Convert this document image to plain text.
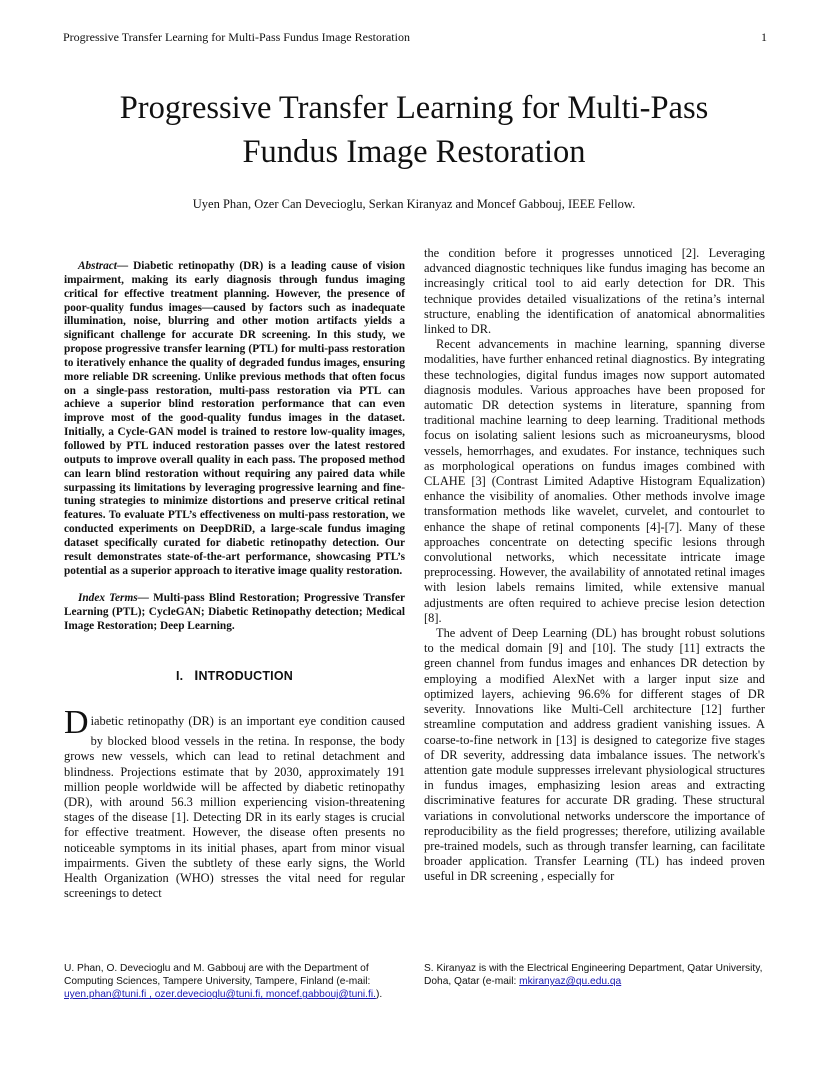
Progressive Transfer Learning for Multi-Pass Fundus Image Restoration	1
Progressive Transfer Learning for Multi-Pass
Fundus Image Restoration
Uyen Phan, Ozer Can Devecioglu, Serkan Kiranyaz and Moncef Gabbouj, IEEE Fellow.

Abstract— Diabetic retinopathy (DR) is a leading cause of vision impairment, making its early diagnosis through fundus imaging critical for effective treatment planning. However, the presence of poor-quality fundus images—caused by factors such as inadequate illumination, noise, blurring and other motion artifacts yields a significant challenge for accurate DR screening. In this study, we propose progressive transfer learning (PTL) for multi-pass restoration to iteratively enhance the quality of degraded fundus images, ensuring more reliable DR screening. Unlike previous methods that often focus on a single-pass restoration, multi-pass restoration via PTL can achieve a superior blind restoration performance that can even improve most of the good-quality fundus images in the dataset. Initially, a Cycle-GAN model is trained to restore low-quality images, followed by PTL induced restoration passes over the latest restored outputs to improve overall quality in each pass. The proposed method can learn blind restoration without requiring any paired data while surpassing its limitations by leveraging progressive learning and fine-tuning strategies to minimize distortions and preserve critical retinal features. To evaluate PTL’s effectiveness on multi-pass restoration, we conducted experiments on DeepDRiD, a large-scale fundus imaging dataset specifically curated for diabetic retinopathy detection. Our result demonstrates state-of-the-art performance, showcasing PTL’s potential as a superior approach to iterative image quality restoration.

Index Terms— Multi-pass Blind Restoration; Progressive Transfer Learning (PTL); CycleGAN; Diabetic Retinopathy detection; Medical Image Restoration; Deep Learning.

I. INTRODUCTION

Diabetic retinopathy (DR) is an important eye condition caused by blocked blood vessels in the retina. In response, the body grows new vessels, which can lead to retinal detachment and blindness. Projections estimate that by 2030, approximately 191 million people worldwide will be affected by diabetic retinopathy (DR), with around 56.3 million experiencing vision-threatening stages of the disease [1]. Detecting DR in its early stages is crucial for effective treatment. However, the disease often presents no noticeable symptoms in its initial phases, apart from minor visual impairments. Given the subtlety of these early signs, the World Health Organization (WHO) stresses the vital need for regular screenings to detect

the condition before it progresses unnoticed [2]. Leveraging advanced diagnostic techniques like fundus imaging has become an increasingly critical tool to aid early detection for DR. This technique provides detailed visualizations of the retina’s internal structure, enabling the identification of anatomical abnormalities linked to DR.

Recent advancements in machine learning, spanning diverse modalities, have further enhanced retinal diagnostics. By integrating these technologies, digital fundus images now support automated diagnosis modules. Various approaches have been proposed for automatic DR detection systems in literature, spanning from traditional machine learning to deep learning. Traditional methods focus on isolating salient lesions such as microaneurysms, blood vessels, hemorrhages, and exudates. For instance, techniques such as morphological operations on fundus images combined with CLAHE [3] (Contrast Limited Adaptive Histogram Equalization) enhance the visibility of anomalies. Other methods involve image transformation methods like wavelet, curvelet, and contourlet to enhance the shape of retinal components [4]-[7]. Many of these approaches concentrate on detecting specific lesions through convolutional networks, which necessitate intricate image preprocessing. However, the availability of annotated retinal images with lesion labels remains limited, while extensive manual adjustments are often required to achieve precise lesion detection [8].

The advent of Deep Learning (DL) has brought robust solutions to the medical domain [9] and [10]. The study [11] extracts the green channel from fundus images and enhances DR detection by employing a modified AlexNet with a larger input size and optimized layers, achieving 96.6% for different stages of DR severity. Innovations like Multi-Cell architecture [12] further streamline computation and address gradient vanishing issues. A coarse-to-fine network in [13] is designed to categorize five stages of DR severity, addressing data imbalance issues. The network's attention gate module suppresses irrelevant physiological structures in fundus images, emphasizing lesion areas and extracting discriminative features for accurate DR grading. These structural variations in convolutional networks underscore the importance of reproducibility as the field progresses; therefore, utilizing available pre-trained models, such as through transfer learning, can facilitate broader application. Transfer Learning (TL) has indeed proven useful in DR screening , especially for

U. Phan, O. Devecioglu and M. Gabbouj are with the Department of Computing Sciences, Tampere University, Tampere, Finland (e-mail: uyen.phan@tuni.fi , ozer.devecioglu@tuni.fi, moncef.gabbouj@tuni.fi.).
S. Kiranyaz is with the Electrical Engineering Department, Qatar University, Doha, Qatar (e-mail: mkiranyaz@qu.edu.qa
